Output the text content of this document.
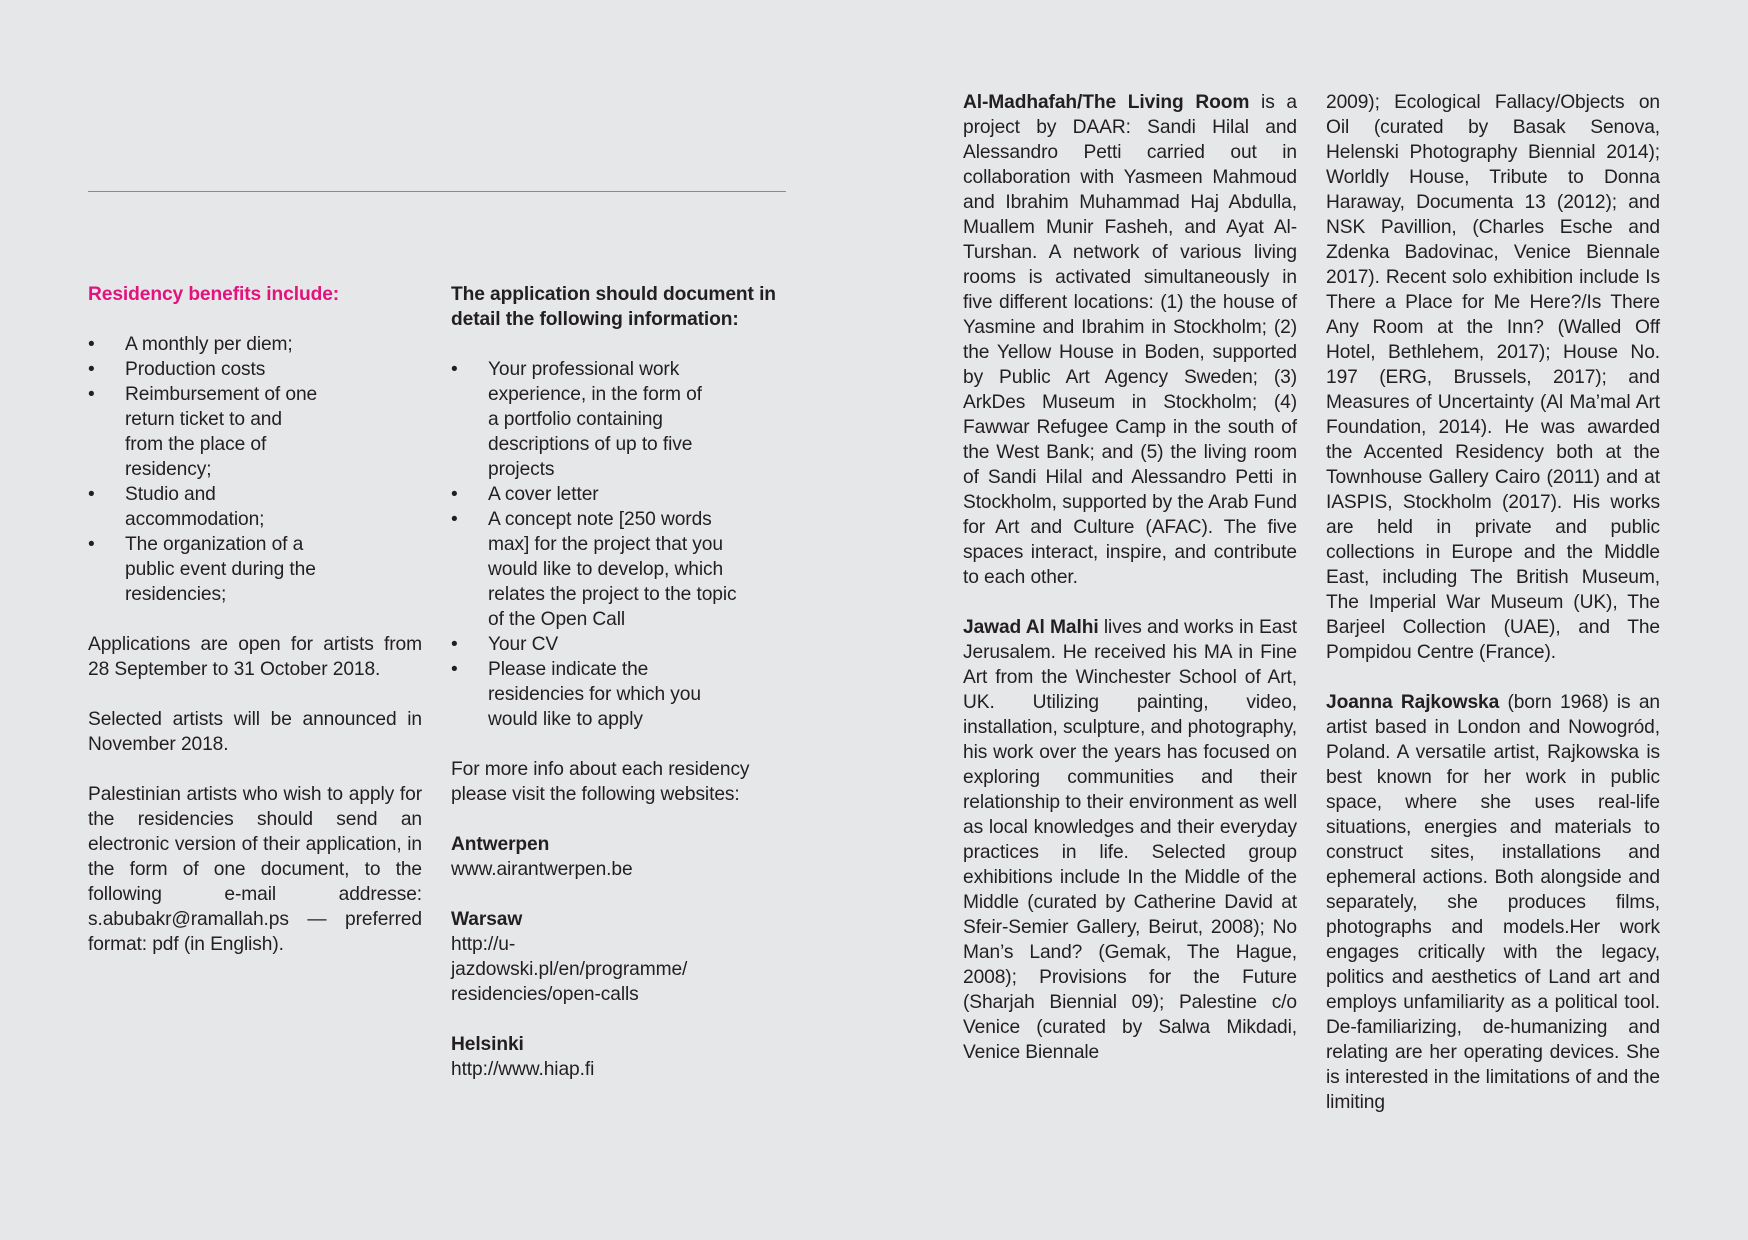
Residency benefits include:
• A monthly per diem;
• Production costs
• Reimbursement of one return ticket to and from the place of residency;
• Studio and accommodation;
• The organization of a public event during the residencies;

Applications are open for artists from 28 September to 31 October 2018.

Selected artists will be announced in November 2018.

Palestinian artists who wish to apply for the residencies should send an electronic version of their application, in the form of one document, to the following e-mail addresse: s.abubakr@ramallah.ps — preferred format: pdf (in English).

The application should document in detail the following information:
• Your professional work experience, in the form of a portfolio containing descriptions of up to five projects
• A cover letter
• A concept note [250 words max] for the project that you would like to develop, which relates the project to the topic of the Open Call
• Your CV
• Please indicate the residencies for which you would like to apply

For more info about each residency please visit the following websites:

Antwerpen
www.airantwerpen.be
Warsaw
http://u-jazdowski.pl/en/programme/residencies/open-calls
Helsinki
http://www.hiap.fi

Al-Madhafah/The Living Room is a project by DAAR: Sandi Hilal and Alessandro Petti carried out in collaboration with Yasmeen Mahmoud and Ibrahim Muhammad Haj Abdulla, Muallem Munir Fasheh, and Ayat Al-Turshan. A network of various living rooms is activated simultaneously in five different locations: (1) the house of Yasmine and Ibrahim in Stockholm; (2) the Yellow House in Boden, supported by Public Art Agency Sweden; (3) ArkDes Museum in Stockholm; (4) Fawwar Refugee Camp in the south of the West Bank; and (5) the living room of Sandi Hilal and Alessandro Petti in Stockholm, supported by the Arab Fund for Art and Culture (AFAC). The five spaces interact, inspire, and contribute to each other.

Jawad Al Malhi lives and works in East Jerusalem. He received his MA in Fine Art from the Winchester School of Art, UK. Utilizing painting, video, installation, sculpture, and photography, his work over the years has focused on exploring communities and their relationship to their environment as well as local knowledges and their everyday practices in life. Selected group exhibitions include In the Middle of the Middle (curated by Catherine David at Sfeir-Semier Gallery, Beirut, 2008); No Man’s Land? (Gemak, The Hague, 2008); Provisions for the Future (Sharjah Biennial 09); Palestine c/o Venice (curated by Salwa Mikdadi, Venice Biennale

2009); Ecological Fallacy/Objects on Oil (curated by Basak Senova, Helenski Photography Biennial 2014); Worldly House, Tribute to Donna Haraway, Documenta 13 (2012); and NSK Pavillion, (Charles Esche and Zdenka Badovinac, Venice Biennale 2017). Recent solo exhibition include Is There a Place for Me Here?/Is There Any Room at the Inn? (Walled Off Hotel, Bethlehem, 2017); House No. 197 (ERG, Brussels, 2017); and Measures of Uncertainty (Al Ma’mal Art Foundation, 2014). He was awarded the Accented Residency both at the Townhouse Gallery Cairo (2011) and at IASPIS, Stockholm (2017). His works are held in private and public collections in Europe and the Middle East, including The British Museum, The Imperial War Museum (UK), The Barjeel Collection (UAE), and The Pompidou Centre (France).

Joanna Rajkowska (born 1968) is an artist based in London and Nowogród, Poland. A versatile artist, Rajkowska is best known for her work in public space, where she uses real-life situations, energies and materials to construct sites, installations and ephemeral actions. Both alongside and separately, she produces films, photographs and models.Her work engages critically with the legacy, politics and aesthetics of Land art and employs unfamiliarity as a political tool. De-familiarizing, de-humanizing and relating are her operating devices. She is interested in the limitations of and the limiting
